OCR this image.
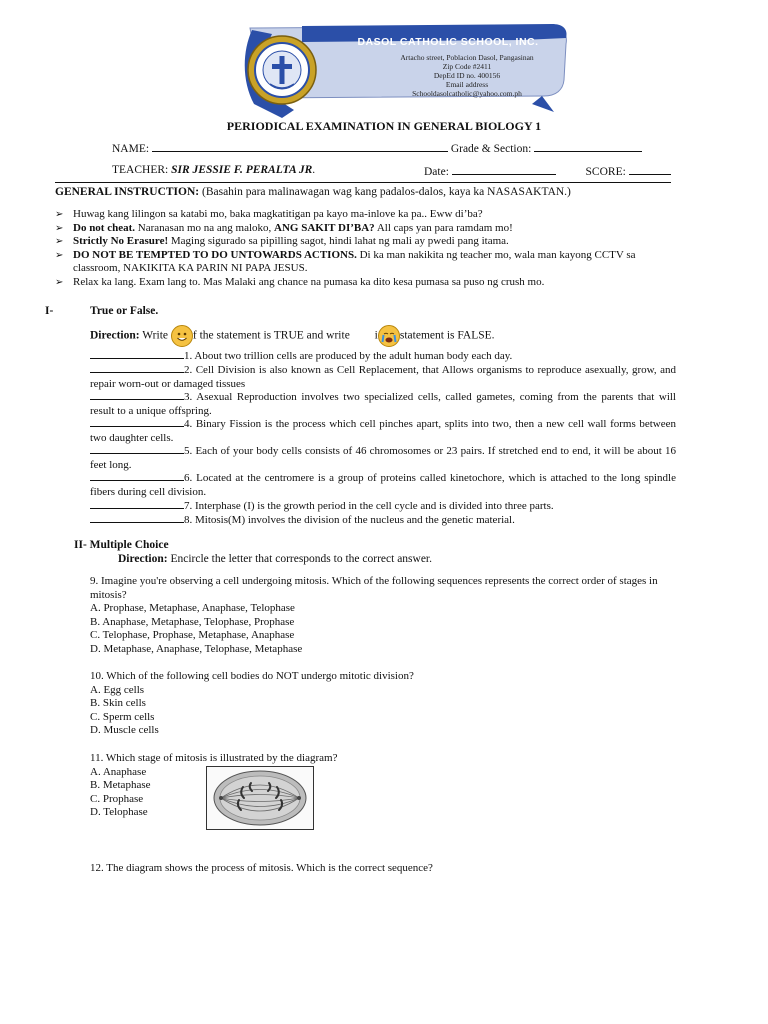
DASOL CATHOLIC SCHOOL, INC.
Artacho street, Poblacion Dasol, Pangasinan
Zip Code #2411
DepEd ID no. 400156
Email address
Schooldasolcatholic@yahoo.com.ph
PERIODICAL EXAMINATION IN GENERAL BIOLOGY 1
NAME:	Grade & Section:
TEACHER: SIR JESSIE F. PERALTA JR.	Date:	SCORE:
GENERAL INSTRUCTION: (Basahin para malinawagan wag kang padalos-dalos, kaya ka NASASAKTAN.)
➢ Huwag kang lilingon sa katabi mo, baka magkatitigan pa kayo ma-inlove ka pa.. Eww di’ba?
➢ Do not cheat. Naranasan mo na ang maloko, ANG SAKIT DI’BA? All caps yan para ramdam mo!
➢ Strictly No Erasure! Maging sigurado sa pipilling sagot, hindi lahat ng mali ay pwedi pang itama.
➢ DO NOT BE TEMPTED TO DO UNTOWARDS ACTIONS. Di ka man nakikita ng teacher mo, wala man kayong CCTV sa classroom, NAKIKITA KA PARIN NI PAPA JESUS.
➢ Relax ka lang. Exam lang to. Mas Malaki ang chance na pumasa ka dito kesa pumasa sa puso ng crush mo.
I-	True or False.
Direction: Write
f the statement is TRUE and write i statement is FALSE.
1. About two trillion cells are produced by the adult human body each day.
2. Cell Division is also known as Cell Replacement, that Allows organisms to reproduce asexually, grow, and repair worn-out or damaged tissues
3. Asexual Reproduction involves two specialized cells, called gametes, coming from the parents that will result to a unique offspring.
4. Binary Fission is the process which cell pinches apart, splits into two, then a new cell wall forms between two daughter cells.
5. Each of your body cells consists of 46 chromosomes or 23 pairs. If stretched end to end, it will be about 16 feet long.
6. Located at the centromere is a group of proteins called kinetochore, which is attached to the long spindle fibers during cell division.
7. Interphase (I) is the growth period in the cell cycle and is divided into three parts.
8. Mitosis(M) involves the division of the nucleus and the genetic material.
II- Multiple Choice
Direction: Encircle the letter that corresponds to the correct answer.
9. Imagine you're observing a cell undergoing mitosis. Which of the following sequences represents the correct order of stages in mitosis?
A. Prophase, Metaphase, Anaphase, Telophase
B. Anaphase, Metaphase, Telophase, Prophase
C. Telophase, Prophase, Metaphase, Anaphase
D. Metaphase, Anaphase, Telophase, Metaphase
10. Which of the following cell bodies do NOT undergo mitotic division?
A. Egg cells
B. Skin cells
C. Sperm cells
D. Muscle cells
11. Which stage of mitosis is illustrated by the diagram?
A. Anaphase
B. Metaphase
C. Prophase
D. Telophase
12. The diagram shows the process of mitosis. Which is the correct sequence?
